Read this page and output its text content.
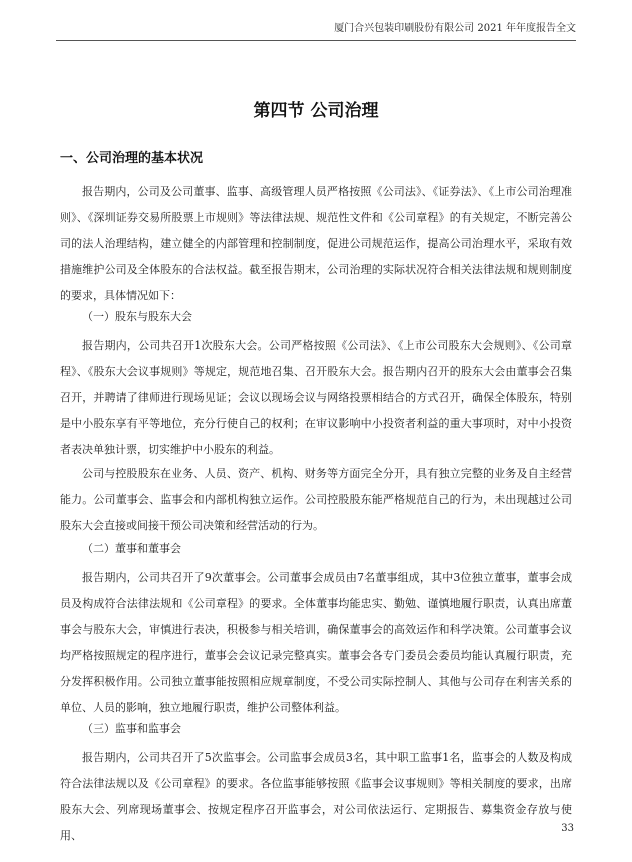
厦门合兴包装印刷股份有限公司 2021 年年度报告全文
第四节 公司治理
一、公司治理的基本状况

报告期内，公司及公司董事、监事、高级管理人员严格按照《公司法》、《证券法》、《上市公司治理准则》、《深圳证券交易所股票上市规则》等法律法规、规范性文件和《公司章程》的有关规定，不断完善公司的法人治理结构，建立健全的内部管理和控制制度，促进公司规范运作，提高公司治理水平，采取有效措施维护公司及全体股东的合法权益。截至报告期末，公司治理的实际状况符合相关法律法规和规则制度的要求，具体情况如下：

（一）股东与股东大会

报告期内，公司共召开1次股东大会。公司严格按照《公司法》、《上市公司股东大会规则》、《公司章程》、《股东大会议事规则》等规定，规范地召集、召开股东大会。报告期内召开的股东大会由董事会召集召开，并聘请了律师进行现场见证；会议以现场会议与网络投票相结合的方式召开，确保全体股东，特别是中小股东享有平等地位，充分行使自己的权利；在审议影响中小投资者利益的重大事项时，对中小投资者表决单独计票，切实维护中小股东的利益。

公司与控股股东在业务、人员、资产、机构、财务等方面完全分开，具有独立完整的业务及自主经营能力。公司董事会、监事会和内部机构独立运作。公司控股股东能严格规范自己的行为，未出现越过公司股东大会直接或间接干预公司决策和经营活动的行为。

（二）董事和董事会

报告期内，公司共召开了9次董事会。公司董事会成员由7名董事组成，其中3位独立董事，董事会成员及构成符合法律法规和《公司章程》的要求。全体董事均能忠实、勤勉、谨慎地履行职责，认真出席董事会与股东大会，审慎进行表决，积极参与相关培训，确保董事会的高效运作和科学决策。公司董事会议均严格按照规定的程序进行，董事会会议记录完整真实。董事会各专门委员会委员均能认真履行职责，充分发挥积极作用。公司独立董事能按照相应规章制度，不受公司实际控制人、其他与公司存在利害关系的单位、人员的影响，独立地履行职责，维护公司整体利益。

（三）监事和监事会

报告期内，公司共召开了5次监事会。公司监事会成员3名，其中职工监事1名，监事会的人数及构成符合法律法规以及《公司章程》的要求。各位监事能够按照《监事会议事规则》等相关制度的要求，出席股东大会、列席现场董事会、按规定程序召开监事会，对公司依法运行、定期报告、募集资金存放与使用、

33
